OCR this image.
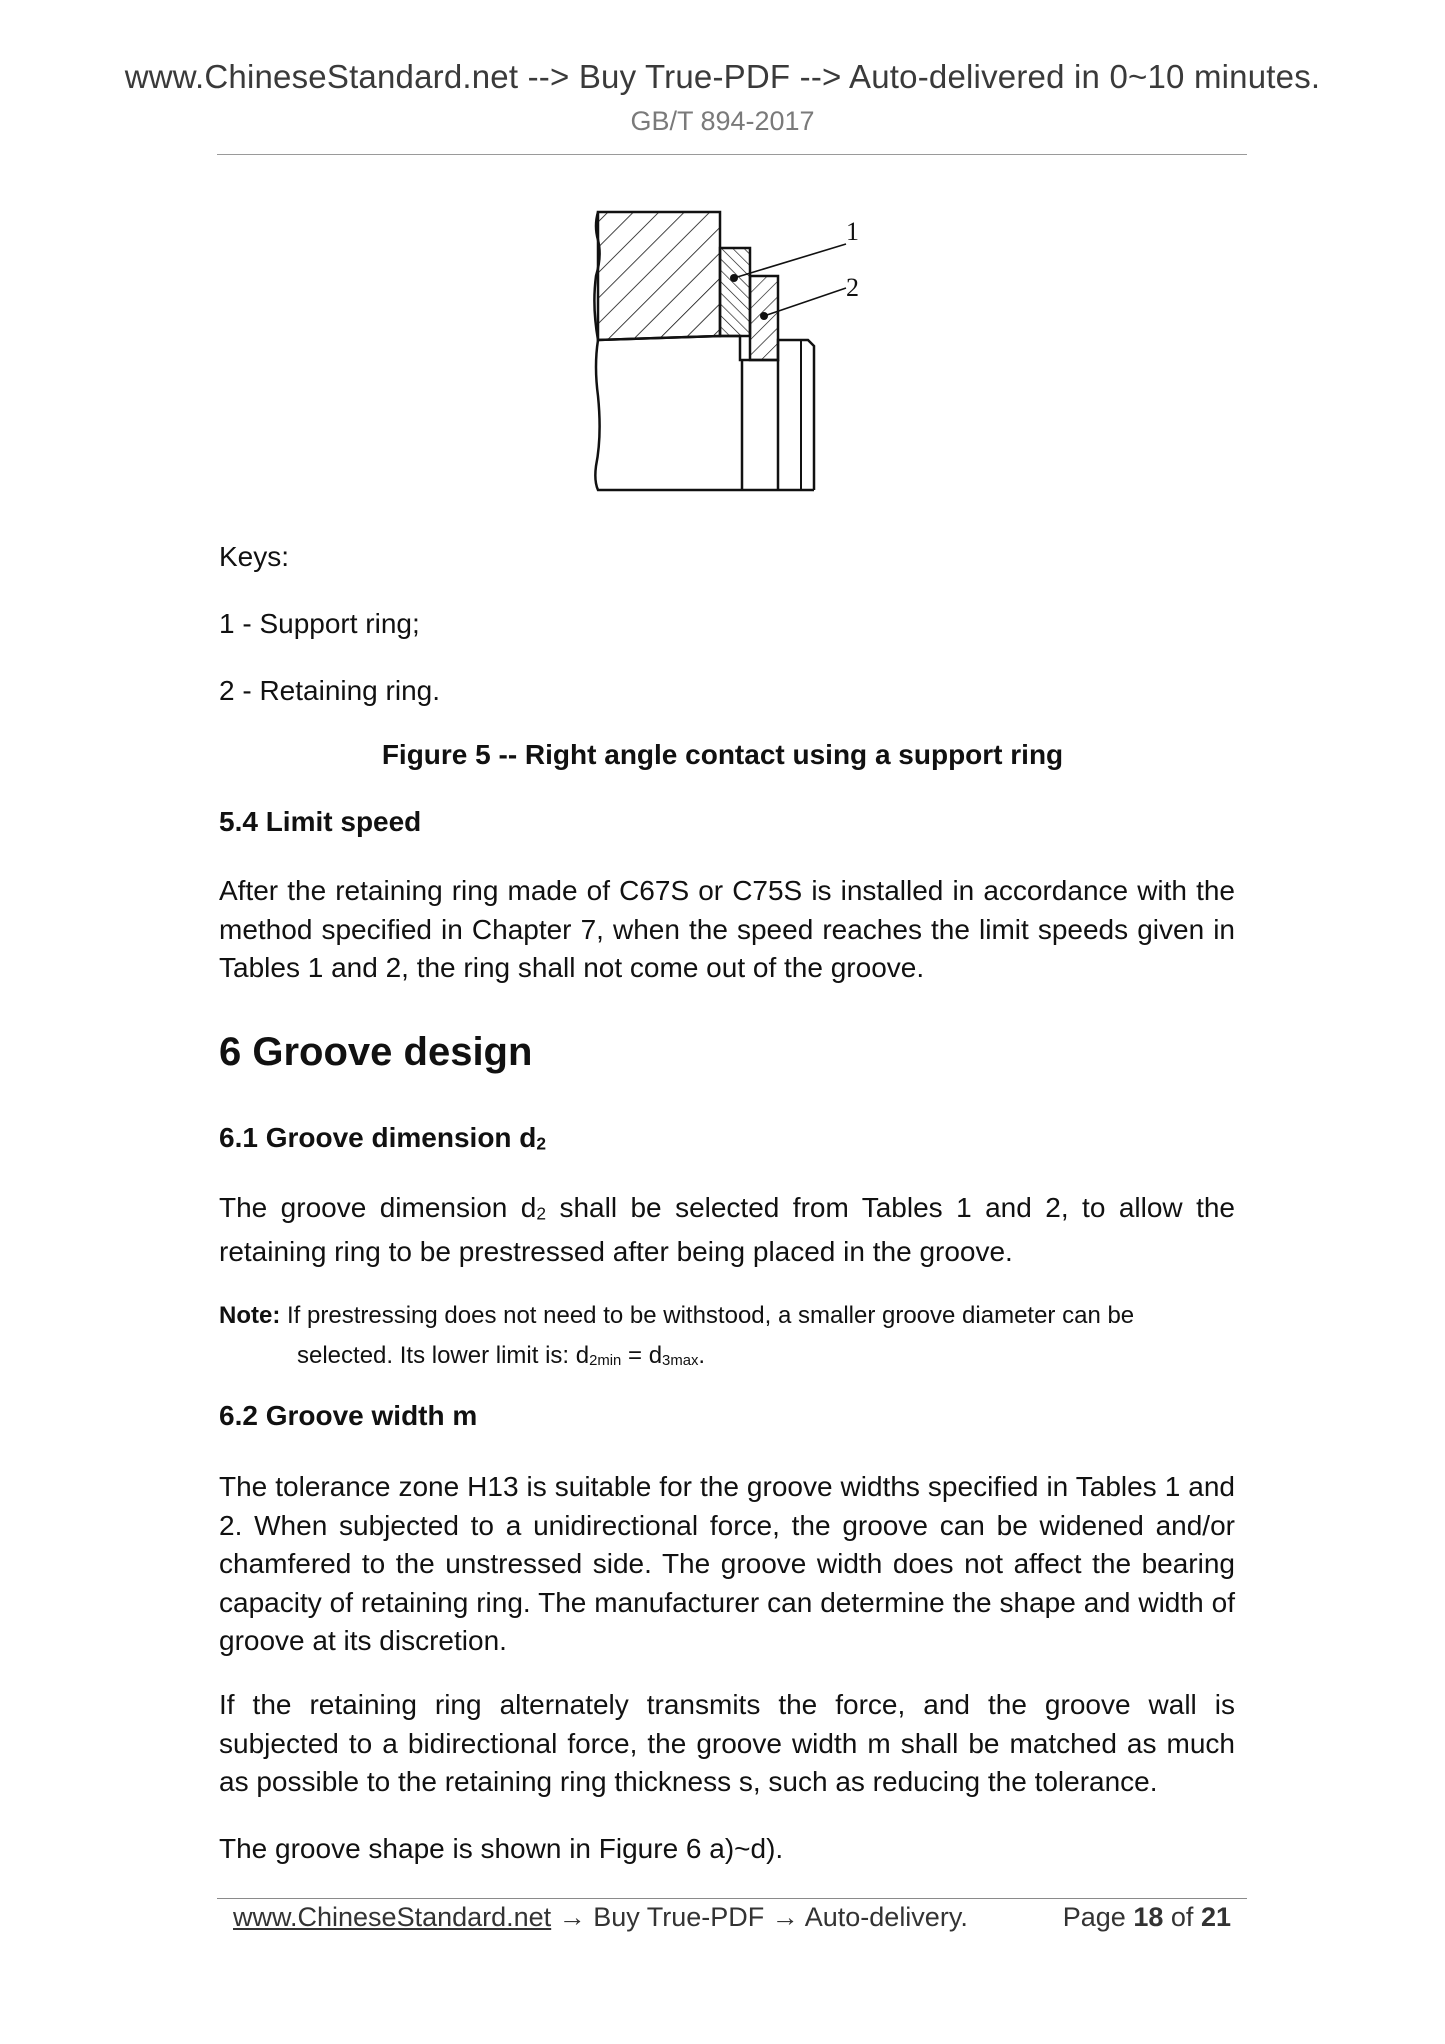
www.ChineseStandard.net --> Buy True-PDF --> Auto-delivered in 0~10 minutes.
GB/T 894-2017
1
2
Keys:
1 - Support ring;
2 - Retaining ring.
Figure 5 -- Right angle contact using a support ring
5.4 Limit speed
After the retaining ring made of C67S or C75S is installed in accordance with the method specified in Chapter 7, when the speed reaches the limit speeds given in Tables 1 and 2, the ring shall not come out of the groove.
6 Groove design
6.1 Groove dimension $d_2$
The groove dimension $d_2$ shall be selected from Tables 1 and 2, to allow the retaining ring to be prestressed after being placed in the groove.
Note: If prestressing does not need to be withstood, a smaller groove diameter can be
selected. Its lower limit is: $d_{2min} = d_{3max}$.
6.2 Groove width m
The tolerance zone H13 is suitable for the groove widths specified in Tables 1 and 2. When subjected to a unidirectional force, the groove can be widened and/or chamfered to the unstressed side. The groove width does not affect the bearing capacity of retaining ring. The manufacturer can determine the shape and width of groove at its discretion.
If the retaining ring alternately transmits the force, and the groove wall is subjected to a bidirectional force, the groove width m shall be matched as much as possible to the retaining ring thickness s, such as reducing the tolerance.
The groove shape is shown in Figure 6 a)~d).
www.ChineseStandard.net → Buy True-PDF → Auto-delivery.	Page 18 of 21
